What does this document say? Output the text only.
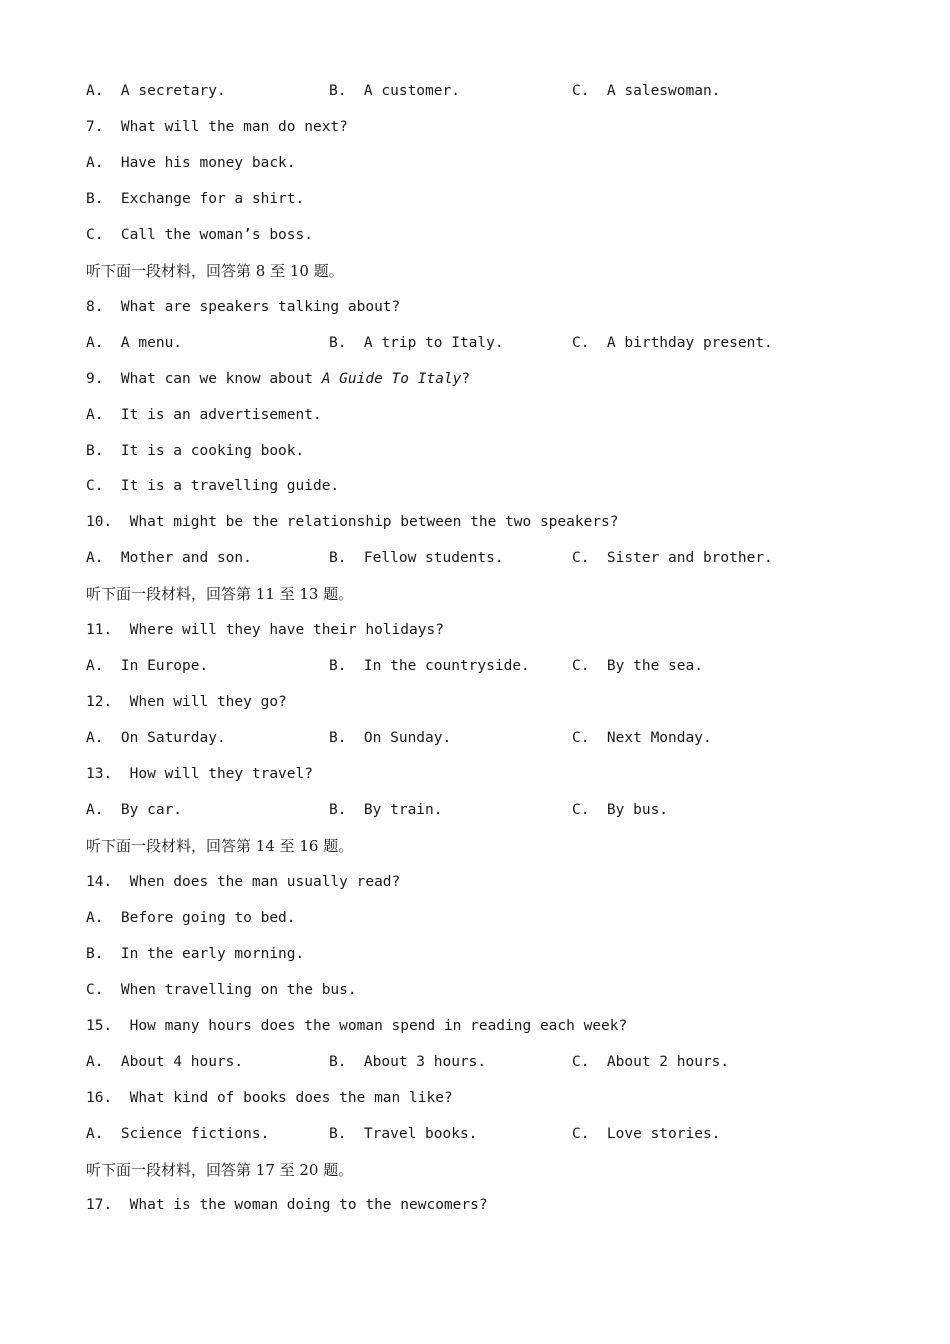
A.  A secretary.	B.  A customer.	C.  A saleswoman.
7.  What will the man do next?
A.  Have his money back.
B.  Exchange for a shirt.
C.  Call the woman’s boss.
听下面一段材料，回答第 8 至 10 题。
8.  What are speakers talking about?
A.  A menu.	B.  A trip to Italy.	C.  A birthday present.
9.  What can we know about A Guide To Italy?
A.  It is an advertisement.
B.  It is a cooking book.
C.  It is a travelling guide.
10.  What might be the relationship between the two speakers?
A.  Mother and son.	B.  Fellow students.	C.  Sister and brother.
听下面一段材料，回答第 11 至 13 题。
11.  Where will they have their holidays?
A.  In Europe.	B.  In the countryside.	C.  By the sea.
12.  When will they go?
A.  On Saturday.	B.  On Sunday.	C.  Next Monday.
13.  How will they travel?
A.  By car.	B.  By train.	C.  By bus.
听下面一段材料，回答第 14 至 16 题。
14.  When does the man usually read?
A.  Before going to bed.
B.  In the early morning.
C.  When travelling on the bus.
15.  How many hours does the woman spend in reading each week?
A.  About 4 hours.	B.  About 3 hours.	C.  About 2 hours.
16.  What kind of books does the man like?
A.  Science fictions.	B.  Travel books.	C.  Love stories.
听下面一段材料，回答第 17 至 20 题。
17.  What is the woman doing to the newcomers?
